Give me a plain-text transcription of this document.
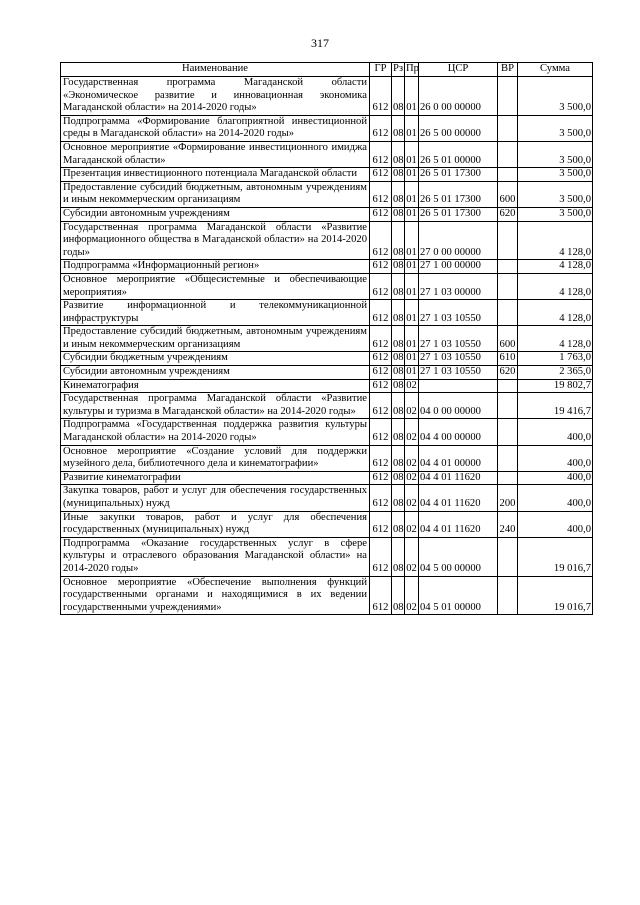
317
Наименование	ГР	Рз	Пр	ЦСР	ВР	Сумма
Государственная программа Магаданской области «Экономическое развитие и инновационная экономика Магаданской области» на 2014-2020 годы»	612	08	01	26 0 00 00000		3 500,0
Подпрограмма «Формирование благоприятной инвестиционной среды в Магаданской области» на 2014-2020 годы»	612	08	01	26 5 00 00000		3 500,0
Основное мероприятие «Формирование инвестиционного имиджа Магаданской области»	612	08	01	26 5 01 00000		3 500,0
Презентация инвестиционного потенциала Магаданской области	612	08	01	26 5 01 17300		3 500,0
Предоставление субсидий бюджетным, автономным учреждениям и иным некоммерческим организациям	612	08	01	26 5 01 17300	600	3 500,0
Субсидии автономным учреждениям	612	08	01	26 5 01 17300	620	3 500,0
Государственная программа Магаданской области «Развитие информационного общества в Магаданской области» на 2014-2020 годы»	612	08	01	27 0 00 00000		4 128,0
Подпрограмма «Информационный регион»	612	08	01	27 1 00 00000		4 128,0
Основное мероприятие «Общесистемные и обеспечивающие мероприятия»	612	08	01	27 1 03 00000		4 128,0
Развитие информационной и телекоммуникационной инфраструктуры	612	08	01	27 1 03 10550		4 128,0
Предоставление субсидий бюджетным, автономным учреждениям и иным некоммерческим организациям	612	08	01	27 1 03 10550	600	4 128,0
Субсидии бюджетным учреждениям	612	08	01	27 1 03 10550	610	1 763,0
Субсидии автономным учреждениям	612	08	01	27 1 03 10550	620	2 365,0
Кинематография	612	08	02			19 802,7
Государственная программа Магаданской области «Развитие культуры и туризма в Магаданской области» на 2014-2020 годы»	612	08	02	04 0 00 00000		19 416,7
Подпрограмма «Государственная поддержка развития культуры Магаданской области» на 2014-2020 годы»	612	08	02	04 4 00 00000		400,0
Основное мероприятие «Создание условий для поддержки музейного дела, библиотечного дела и кинематографии»	612	08	02	04 4 01 00000		400,0
Развитие кинематографии	612	08	02	04 4 01 11620		400,0
Закупка товаров, работ и услуг для обеспечения государственных (муниципальных) нужд	612	08	02	04 4 01 11620	200	400,0
Иные закупки товаров, работ и услуг для обеспечения государственных (муниципальных) нужд	612	08	02	04 4 01 11620	240	400,0
Подпрограмма «Оказание государственных услуг в сфере культуры и отраслевого образования Магаданской области» на 2014-2020 годы»	612	08	02	04 5 00 00000		19 016,7
Основное мероприятие «Обеспечение выполнения функций государственными органами и находящимися в их ведении государственными учреждениями»	612	08	02	04 5 01 00000		19 016,7
